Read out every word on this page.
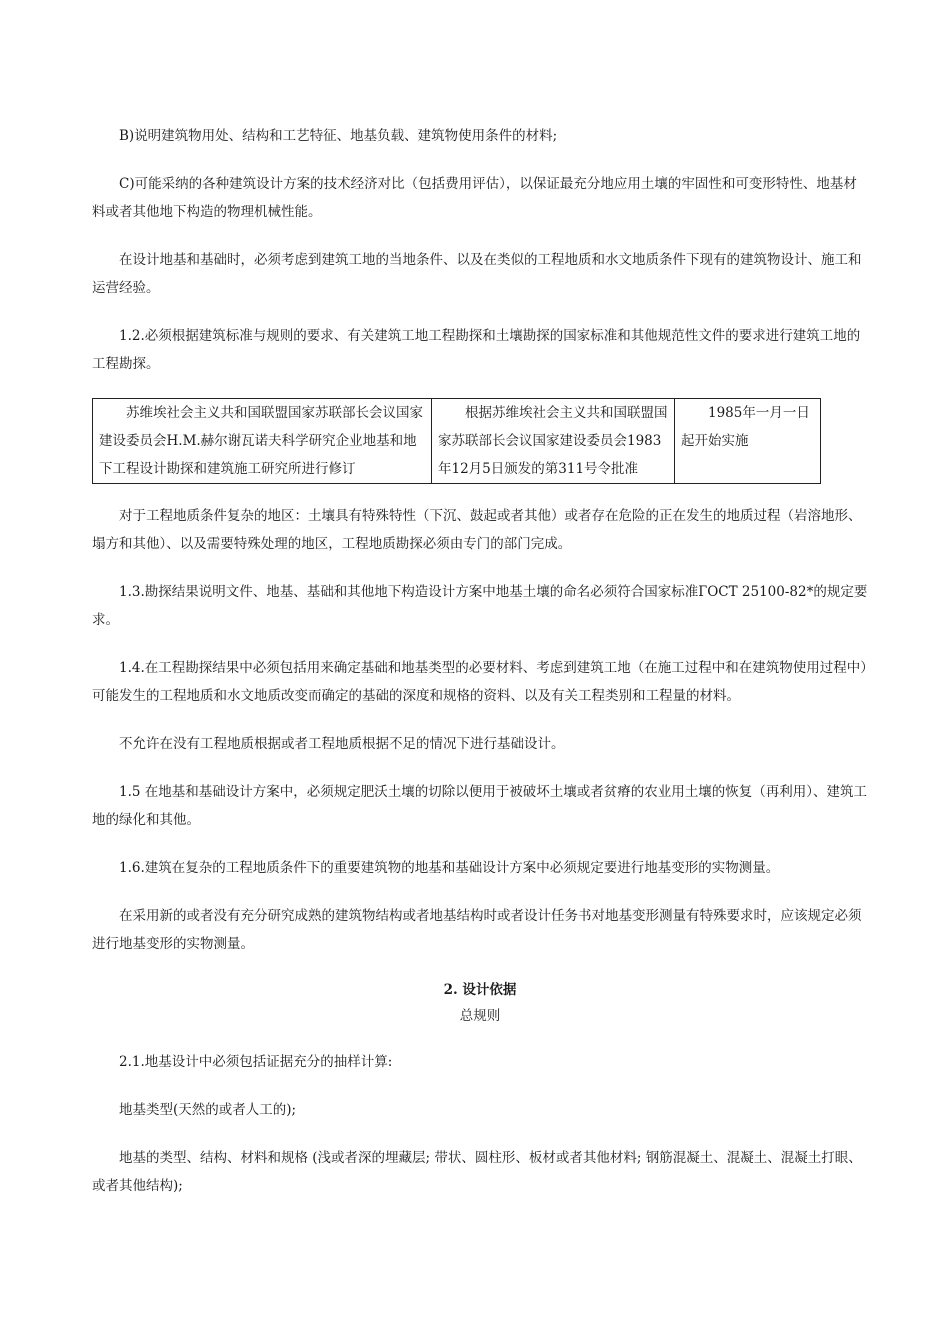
B)说明建筑物用处、结构和工艺特征、地基负载、建筑物使用条件的材料;

C)可能采纳的各种建筑设计方案的技术经济对比（包括费用评估），以保证最充分地应用土壤的牢固性和可变形特性、地基材料或者其他地下构造的物理机械性能。

在设计地基和基础时，必须考虑到建筑工地的当地条件、以及在类似的工程地质和水文地质条件下现有的建筑物设计、施工和运营经验。

1.2.必须根据建筑标准与规则的要求、有关建筑工地工程勘探和土壤勘探的国家标准和其他规范性文件的要求进行建筑工地的工程勘探。

苏维埃社会主义共和国联盟国家苏联部长会议国家建设委员会H.M.赫尔谢瓦诺夫科学研究企业地基和地下工程设计勘探和建筑施工研究所进行修订	根据苏维埃社会主义共和国联盟国家苏联部长会议国家建设委员会1983年12月5日颁发的第311号令批准	1985年一月一日起开始实施

对于工程地质条件复杂的地区：土壤具有特殊特性（下沉、鼓起或者其他）或者存在危险的正在发生的地质过程（岩溶地形、塌方和其他）、以及需要特殊处理的地区，工程地质勘探必须由专门的部门完成。

1.3.勘探结果说明文件、地基、基础和其他地下构造设计方案中地基土壤的命名必须符合国家标准ГОСТ 25100-82*的规定要求。

1.4.在工程勘探结果中必须包括用来确定基础和地基类型的必要材料、考虑到建筑工地（在施工过程中和在建筑物使用过程中）可能发生的工程地质和水文地质改变而确定的基础的深度和规格的资料、以及有关工程类别和工程量的材料。

不允许在没有工程地质根据或者工程地质根据不足的情况下进行基础设计。

1.5 在地基和基础设计方案中，必须规定肥沃土壤的切除以便用于被破坏土壤或者贫瘠的农业用土壤的恢复（再利用）、建筑工地的绿化和其他。

1.6.建筑在复杂的工程地质条件下的重要建筑物的地基和基础设计方案中必须规定要进行地基变形的实物测量。

在采用新的或者没有充分研究成熟的建筑物结构或者地基结构时或者设计任务书对地基变形测量有特殊要求时，应该规定必须进行地基变形的实物测量。

2. 设计依据
总规则

2.1.地基设计中必须包括证据充分的抽样计算:

地基类型(天然的或者人工的);

地基的类型、结构、材料和规格 (浅或者深的埋藏层; 带状、圆柱形、板材或者其他材料; 钢筋混凝土、混凝土、混凝土打眼、或者其他结构);
